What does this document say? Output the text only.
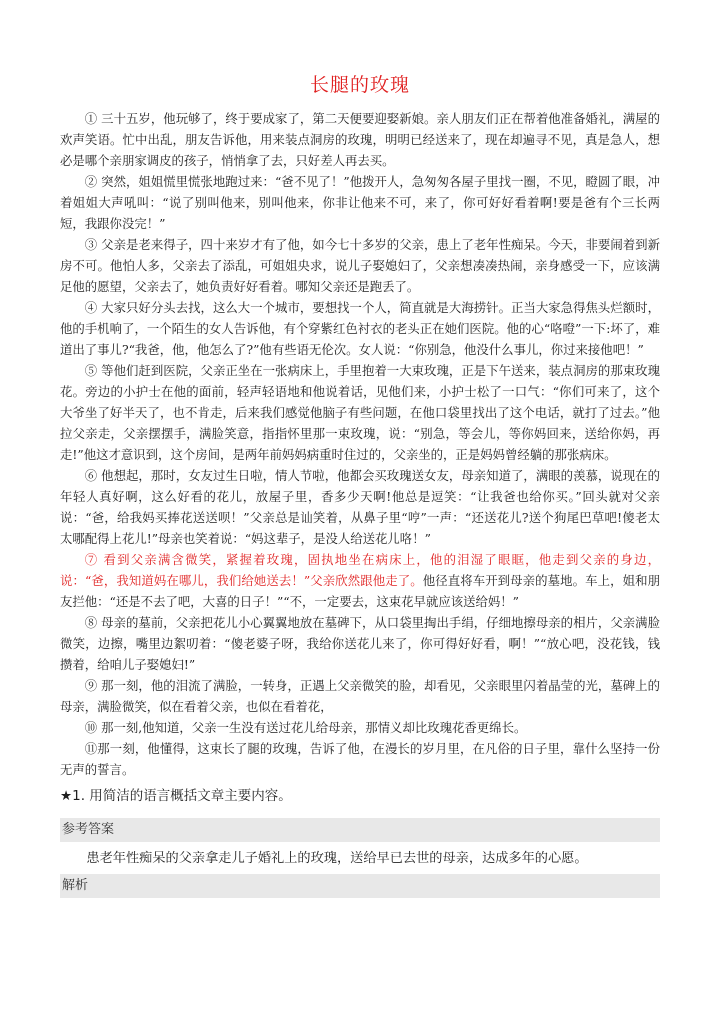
长腿的玫瑰

① 三十五岁，他玩够了，终于要成家了，第二天便要迎娶新娘。亲人朋友们正在帮着他准备婚礼，满屋的欢声笑语。忙中出乱，朋友告诉他，用来装点洞房的玫瑰，明明已经送来了，现在却遍寻不见，真是急人，想必是哪个亲朋家调皮的孩子，悄悄拿了去，只好差人再去买。

② 突然，姐姐慌里慌张地跑过来：“爸不见了！”他拨开人，急匆匆各屋子里找一圈，不见，瞪圆了眼，冲着姐姐大声吼叫：“说了别叫他来，别叫他来，你非让他来不可，来了，你可好好看着啊!要是爸有个三长两短，我跟你没完！”

③ 父亲是老来得子，四十来岁才有了他，如今七十多岁的父亲，患上了老年性痴呆。今天，非要闹着到新房不可。他怕人多，父亲去了添乱，可姐姐央求，说儿子娶媳妇了，父亲想凑凑热闹，亲身感受一下，应该满足他的愿望，父亲去了，她负责好好看着。哪知父亲还是跑丢了。

④ 大家只好分头去找，这么大一个城市，要想找一个人，简直就是大海捞针。正当大家急得焦头烂额时，他的手机响了，一个陌生的女人告诉他，有个穿紫红色衬衣的老头正在她们医院。他的心“咯噔”一下:坏了，难道出了事儿?“我爸，他，他怎么了?”他有些语无伦次。女人说：“你别急，他没什么事儿，你过来接他吧！”

⑤ 等他们赶到医院，父亲正坐在一张病床上，手里抱着一大束玫瑰，正是下午送来，装点洞房的那束玫瑰花。旁边的小护士在他的面前，轻声轻语地和他说着话，见他们来，小护士松了一口气：“你们可来了，这个大爷坐了好半天了，也不肯走，后来我们感觉他脑子有些问题，在他口袋里找出了这个电话，就打了过去。”他拉父亲走，父亲摆摆手，满脸笑意，指指怀里那一束玫瑰，说：“别急，等会儿，等你妈回来，送给你妈，再走!”他这才意识到，这个房间，是两年前妈妈病重时住过的，父亲坐的，正是妈妈曾经躺的那张病床。

⑥ 他想起，那时，女友过生日啦，情人节啦，他都会买玫瑰送女友，母亲知道了，满眼的羡慕，说现在的年轻人真好啊，这么好看的花儿，放屋子里，香多少天啊!他总是逗笑：“让我爸也给你买。”回头就对父亲说：“爸，给我妈买捧花送送呗！”父亲总是讪笑着，从鼻子里“哼”一声：“还送花儿?送个狗尾巴草吧!傻老太太哪配得上花儿!”母亲也笑着说：“妈这辈子，是没人给送花儿咯！”

⑦ 看到父亲满含微笑，紧握着玫瑰，固执地坐在病床上，他的泪湿了眼眶，他走到父亲的身边，说：“爸，我知道妈在哪儿，我们给她送去！”父亲欣然跟他走了。他径直将车开到母亲的墓地。车上，姐和朋友拦他：“还是不去了吧，大喜的日子！”“不，一定要去，这束花早就应该送给妈！”

⑧ 母亲的墓前，父亲把花儿小心翼翼地放在墓碑下，从口袋里掏出手绢，仔细地擦母亲的相片，父亲满脸微笑，边擦，嘴里边絮叨着：“傻老婆子呀，我给你送花儿来了，你可得好好看，啊！”“放心吧，没花钱，钱攒着，给咱儿子娶媳妇!”

⑨ 那一刻，他的泪流了满脸，一转身，正遇上父亲微笑的脸，却看见，父亲眼里闪着晶莹的光，墓碑上的母亲，满脸微笑，似在看着父亲，也似在看着花，

⑩ 那一刻,他知道，父亲一生没有送过花儿给母亲，那情义却比玫瑰花香更绵长。

⑪那一刻，他懂得，这束长了腿的玫瑰，告诉了他，在漫长的岁月里，在凡俗的日子里，靠什么坚持一份无声的誓言。

★1. 用简洁的语言概括文章主要内容。
参考答案

患老年性痴呆的父亲拿走儿子婚礼上的玫瑰，送给早已去世的母亲，达成多年的心愿。

解析
